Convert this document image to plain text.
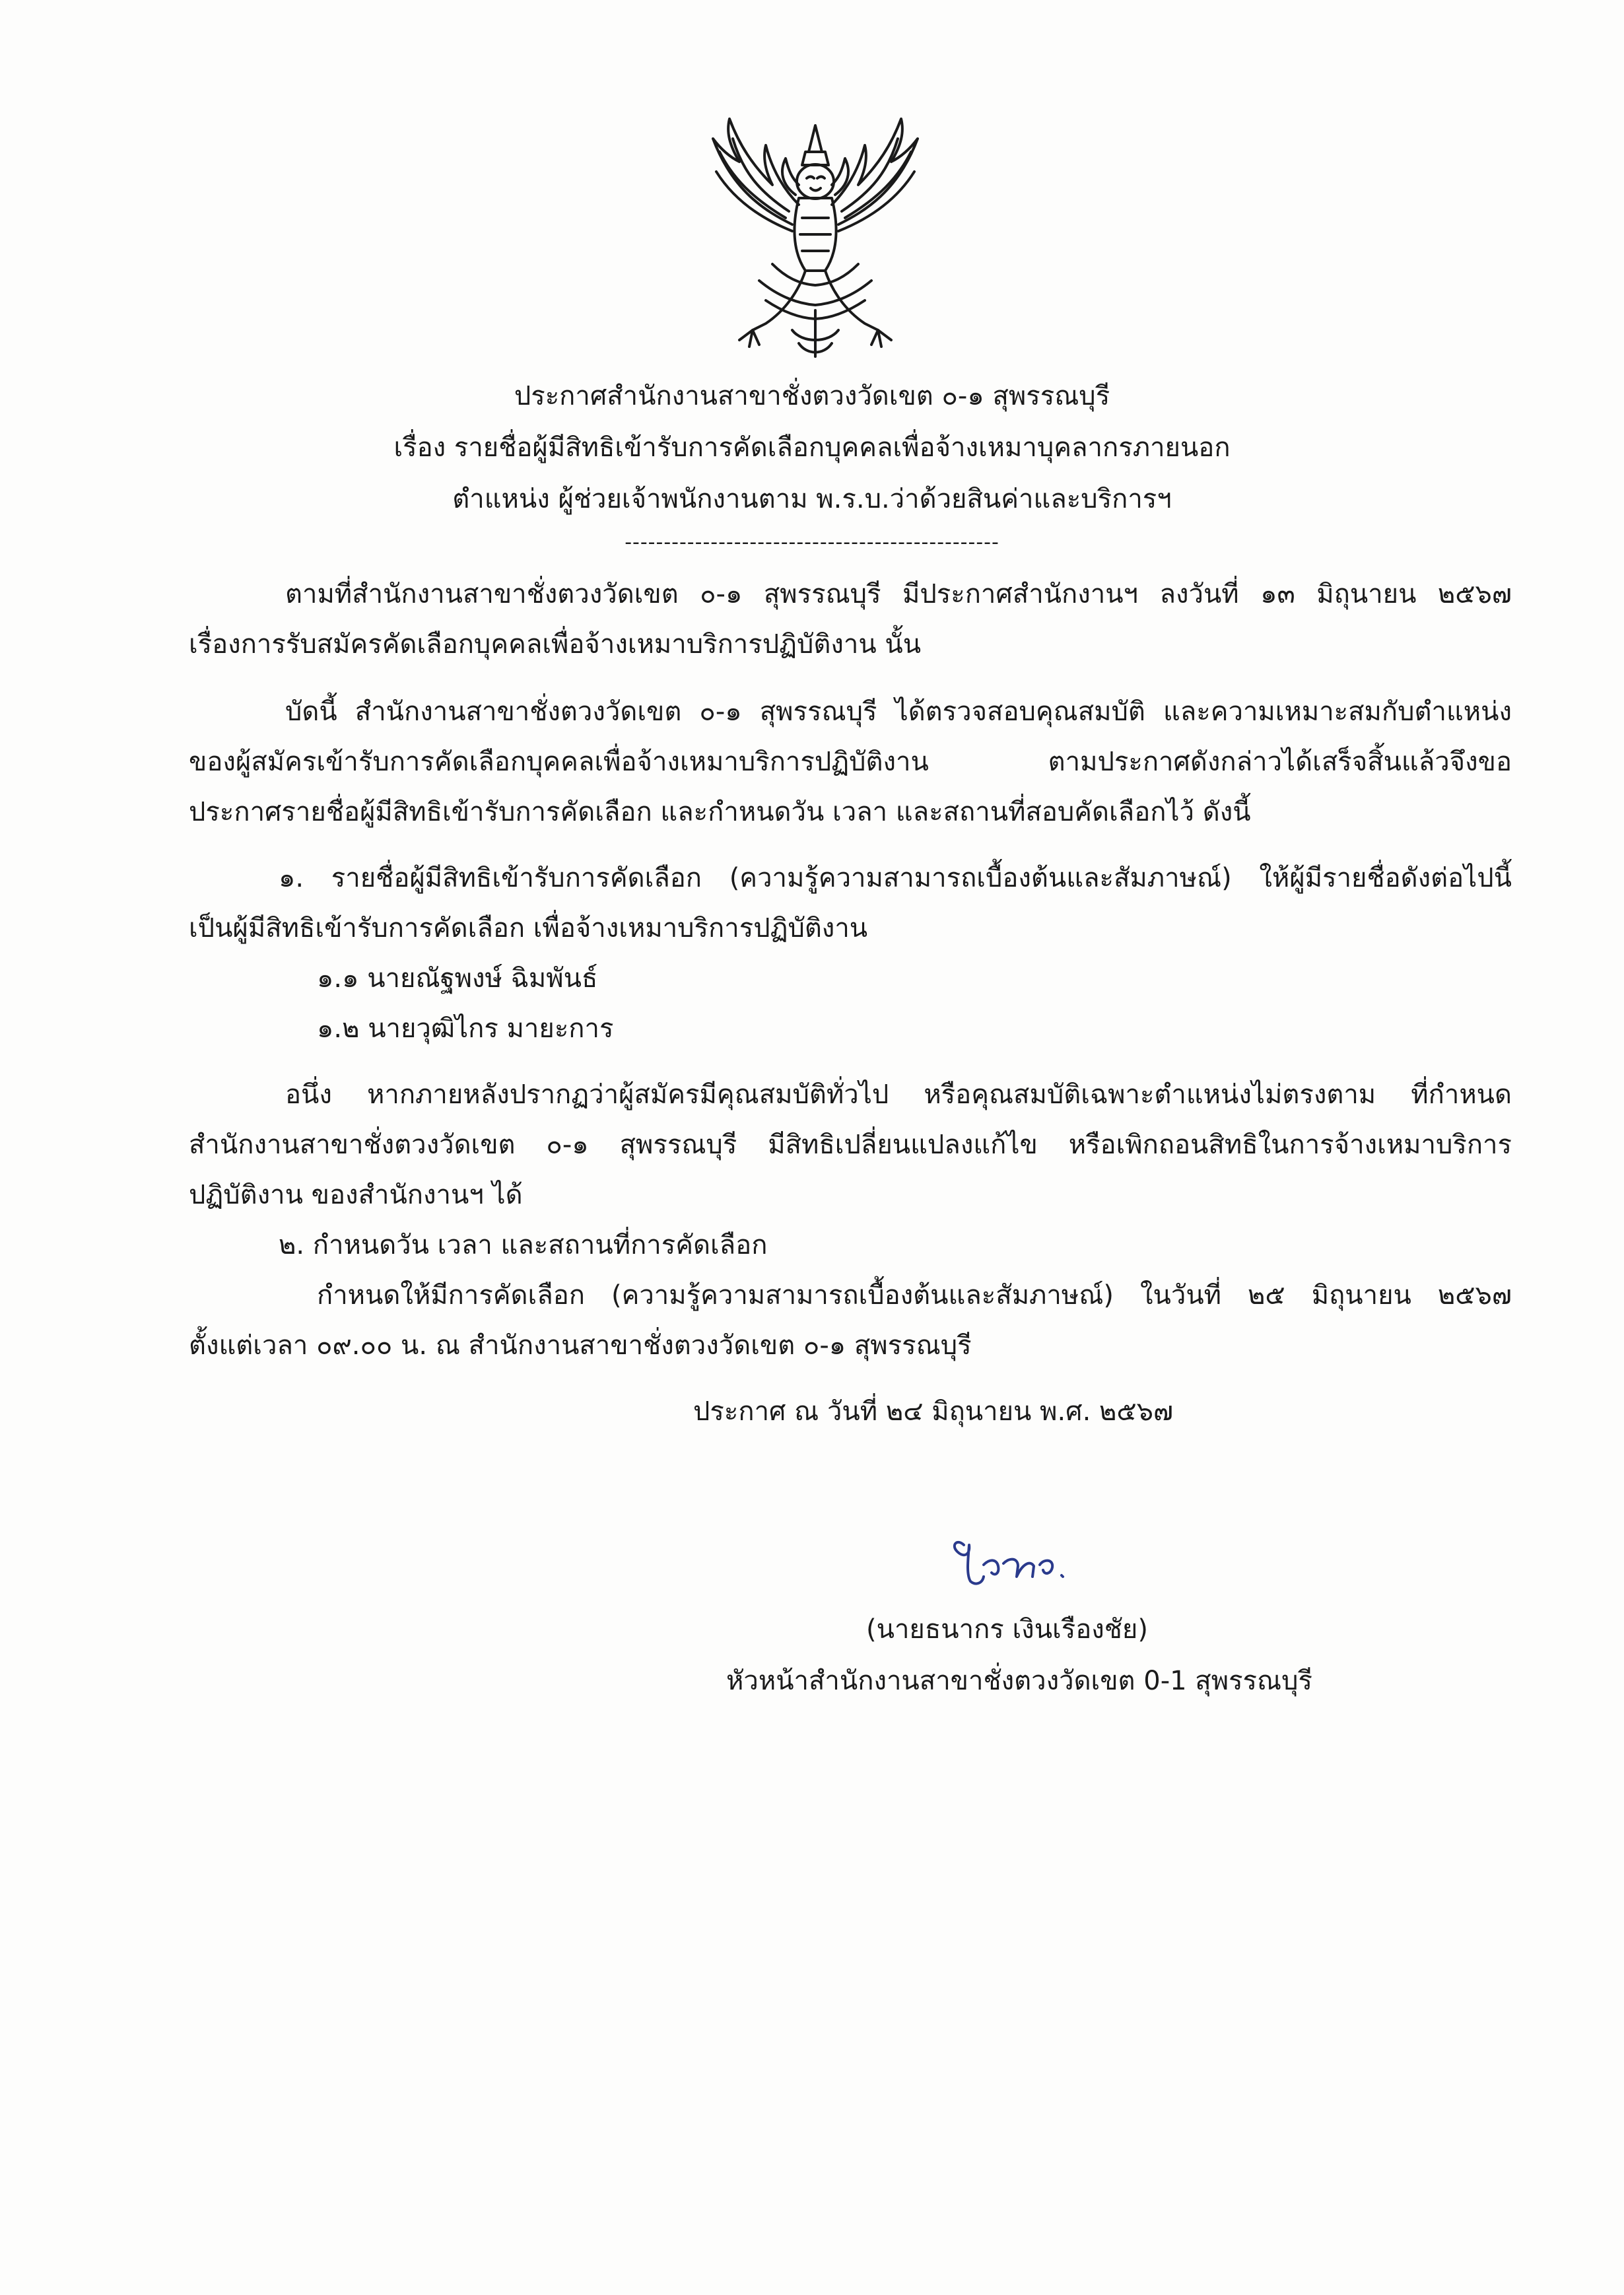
ประกาศสำนักงานสาขาชั่งตวงวัดเขต ๐-๑ สุพรรณบุรี
เรื่อง รายชื่อผู้มีสิทธิเข้ารับการคัดเลือกบุคคลเพื่อจ้างเหมาบุคลากรภายนอก
ตำแหน่ง ผู้ช่วยเจ้าพนักงานตาม พ.ร.บ.ว่าด้วยสินค่าและบริการฯ
------------------------------------------------
ตามที่สำนักงานสาขาชั่งตวงวัดเขต ๐-๑ สุพรรณบุรี มีประกาศสำนักงานฯ ลงวันที่ ๑๓ มิถุนายน ๒๕๖๗
เรื่องการรับสมัครคัดเลือกบุคคลเพื่อจ้างเหมาบริการปฏิบัติงาน นั้น
บัดนี้ สำนักงานสาขาชั่งตวงวัดเขต ๐-๑ สุพรรณบุรี ได้ตรวจสอบคุณสมบัติ และความเหมาะสมกับตำแหน่ง
ของผู้สมัครเข้ารับการคัดเลือกบุคคลเพื่อจ้างเหมาบริการปฏิบัติงาน ตามประกาศดังกล่าวได้เสร็จสิ้นแล้วจึงขอ
ประกาศรายชื่อผู้มีสิทธิเข้ารับการคัดเลือก และกำหนดวัน เวลา และสถานที่สอบคัดเลือกไว้ ดังนี้
๑. รายชื่อผู้มีสิทธิเข้ารับการคัดเลือก (ความรู้ความสามารถเบื้องต้นและสัมภาษณ์) ให้ผู้มีรายชื่อดังต่อไปนี้
เป็นผู้มีสิทธิเข้ารับการคัดเลือก เพื่อจ้างเหมาบริการปฏิบัติงาน
๑.๑ นายณัฐพงษ์ ฉิมพันธ์
๑.๒ นายวุฒิไกร มายะการ
อนึ่ง หากภายหลังปรากฏว่าผู้สมัครมีคุณสมบัติทั่วไป หรือคุณสมบัติเฉพาะตำแหน่งไม่ตรงตาม ที่กำหนด
สำนักงานสาขาชั่งตวงวัดเขต ๐-๑ สุพรรณบุรี มีสิทธิเปลี่ยนแปลงแก้ไข หรือเพิกถอนสิทธิในการจ้างเหมาบริการ
ปฏิบัติงาน ของสำนักงานฯ ได้
๒. กำหนดวัน เวลา และสถานที่การคัดเลือก
กำหนดให้มีการคัดเลือก (ความรู้ความสามารถเบื้องต้นและสัมภาษณ์) ในวันที่ ๒๕ มิถุนายน ๒๕๖๗
ตั้งแต่เวลา ๐๙.๐๐ น. ณ สำนักงานสาขาชั่งตวงวัดเขต ๐-๑ สุพรรณบุรี
ประกาศ ณ วันที่ ๒๔ มิถุนายน พ.ศ. ๒๕๖๗
(นายธนากร เงินเรืองชัย)
หัวหน้าสำนักงานสาขาชั่งตวงวัดเขต 0-1 สุพรรณบุรี
